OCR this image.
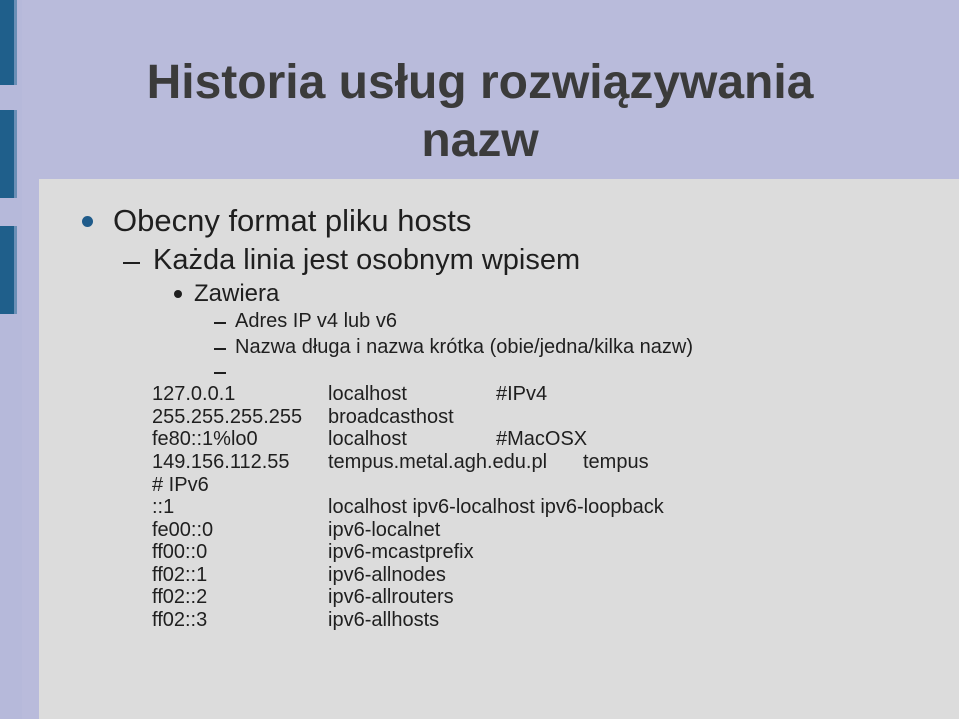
Historia usług rozwiązywania
nazw
Obecny format pliku hosts
Każda linia jest osobnym wpisem
Zawiera
Adres IP v4 lub v6
Nazwa długa i nazwa krótka (obie/jedna/kilka nazw)
127.0.0.1	localhost	#IPv4
255.255.255.255 broadcasthost
fe80::1%lo0	localhost	#MacOSX
149.156.112.55 tempus.metal.agh.edu.pl tempus
# IPv6
::1	localhost ipv6-localhost ipv6-loopback
fe00::0	ipv6-localnet
ff00::0	ipv6-mcastprefix
ff02::1	ipv6-allnodes
ff02::2	ipv6-allrouters
ff02::3	ipv6-allhosts
